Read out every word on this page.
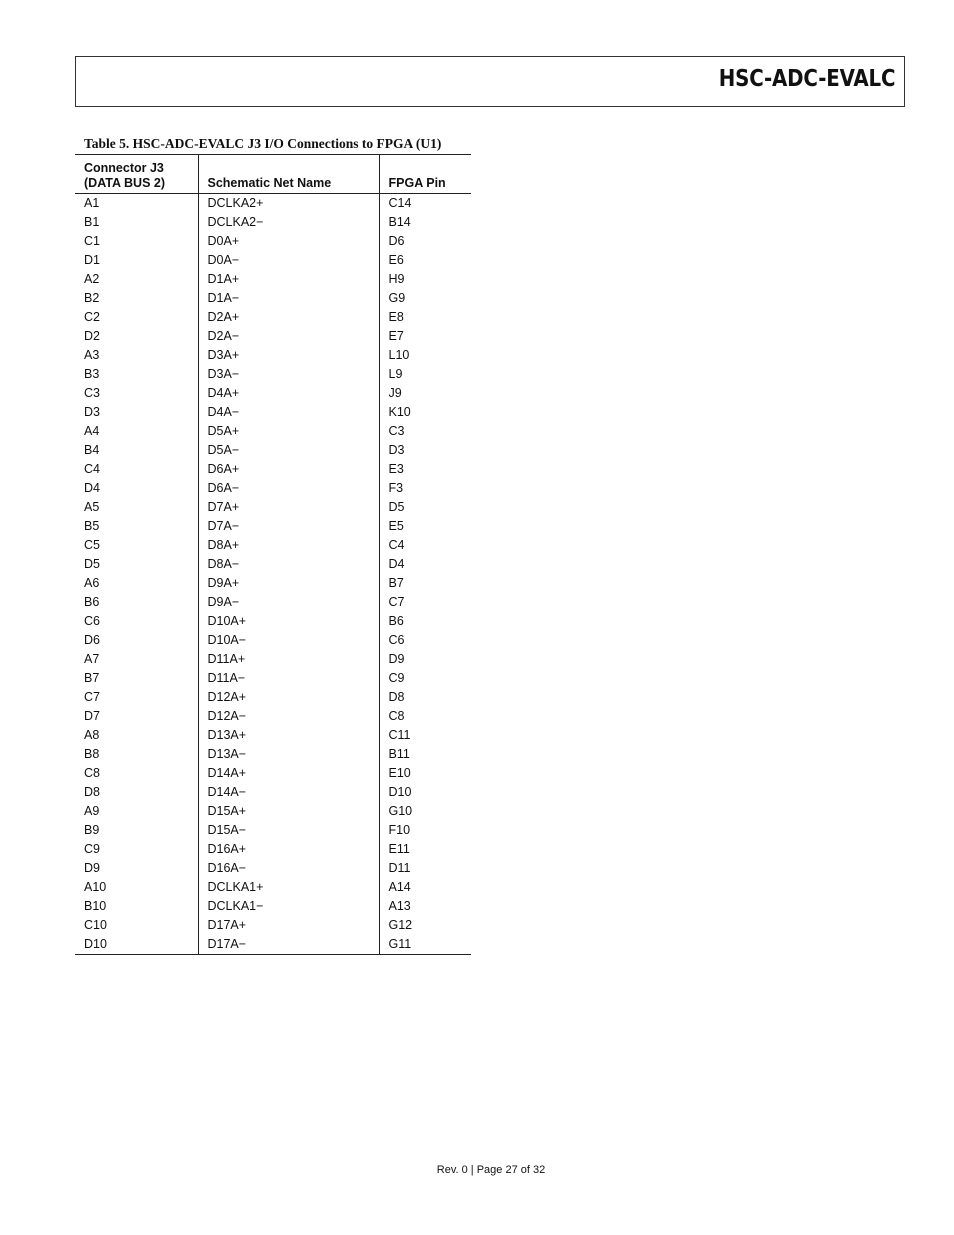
HSC-ADC-EVALC
Table 5. HSC-ADC-EVALC J3 I/O Connections to FPGA (U1)
Connector J3
(DATA BUS 2)	Schematic Net Name	FPGA Pin
A1	DCLKA2+	C14
B1	DCLKA2−	B14
C1	D0A+	D6
D1	D0A−	E6
A2	D1A+	H9
B2	D1A−	G9
C2	D2A+	E8
D2	D2A−	E7
A3	D3A+	L10
B3	D3A−	L9
C3	D4A+	J9
D3	D4A−	K10
A4	D5A+	C3
B4	D5A−	D3
C4	D6A+	E3
D4	D6A−	F3
A5	D7A+	D5
B5	D7A−	E5
C5	D8A+	C4
D5	D8A−	D4
A6	D9A+	B7
B6	D9A−	C7
C6	D10A+	B6
D6	D10A−	C6
A7	D11A+	D9
B7	D11A−	C9
C7	D12A+	D8
D7	D12A−	C8
A8	D13A+	C11
B8	D13A−	B11
C8	D14A+	E10
D8	D14A−	D10
A9	D15A+	G10
B9	D15A−	F10
C9	D16A+	E11
D9	D16A−	D11
A10	DCLKA1+	A14
B10	DCLKA1−	A13
C10	D17A+	G12
D10	D17A−	G11
Rev. 0 | Page 27 of 32
